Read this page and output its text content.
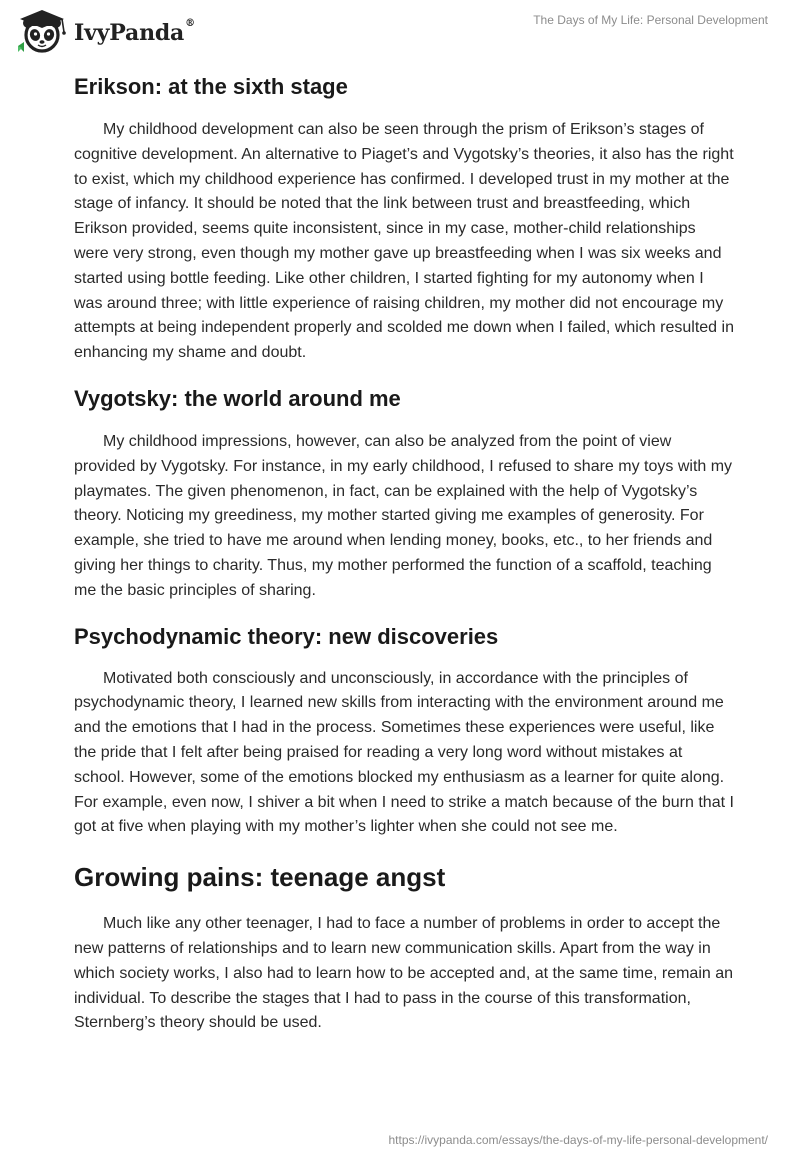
IvyPanda®	The Days of My Life: Personal Development
Erikson: at the sixth stage

My childhood development can also be seen through the prism of Erikson’s stages of cognitive development. An alternative to Piaget’s and Vygotsky’s theories, it also has the right to exist, which my childhood experience has confirmed. I developed trust in my mother at the stage of infancy. It should be noted that the link between trust and breastfeeding, which Erikson provided, seems quite inconsistent, since in my case, mother-child relationships were very strong, even though my mother gave up breastfeeding when I was six weeks and started using bottle feeding. Like other children, I started fighting for my autonomy when I was around three; with little experience of raising children, my mother did not encourage my attempts at being independent properly and scolded me down when I failed, which resulted in enhancing my shame and doubt.

Vygotsky: the world around me

My childhood impressions, however, can also be analyzed from the point of view provided by Vygotsky. For instance, in my early childhood, I refused to share my toys with my playmates. The given phenomenon, in fact, can be explained with the help of Vygotsky’s theory. Noticing my greediness, my mother started giving me examples of generosity. For example, she tried to have me around when lending money, books, etc., to her friends and giving her things to charity. Thus, my mother performed the function of a scaffold, teaching me the basic principles of sharing.

Psychodynamic theory: new discoveries

Motivated both consciously and unconsciously, in accordance with the principles of psychodynamic theory, I learned new skills from interacting with the environment around me and the emotions that I had in the process. Sometimes these experiences were useful, like the pride that I felt after being praised for reading a very long word without mistakes at school. However, some of the emotions blocked my enthusiasm as a learner for quite along. For example, even now, I shiver a bit when I need to strike a match because of the burn that I got at five when playing with my mother’s lighter when she could not see me.

Growing pains: teenage angst

Much like any other teenager, I had to face a number of problems in order to accept the new patterns of relationships and to learn new communication skills. Apart from the way in which society works, I also had to learn how to be accepted and, at the same time, remain an individual. To describe the stages that I had to pass in the course of this transformation, Sternberg’s theory should be used.

https://ivypanda.com/essays/the-days-of-my-life-personal-development/
